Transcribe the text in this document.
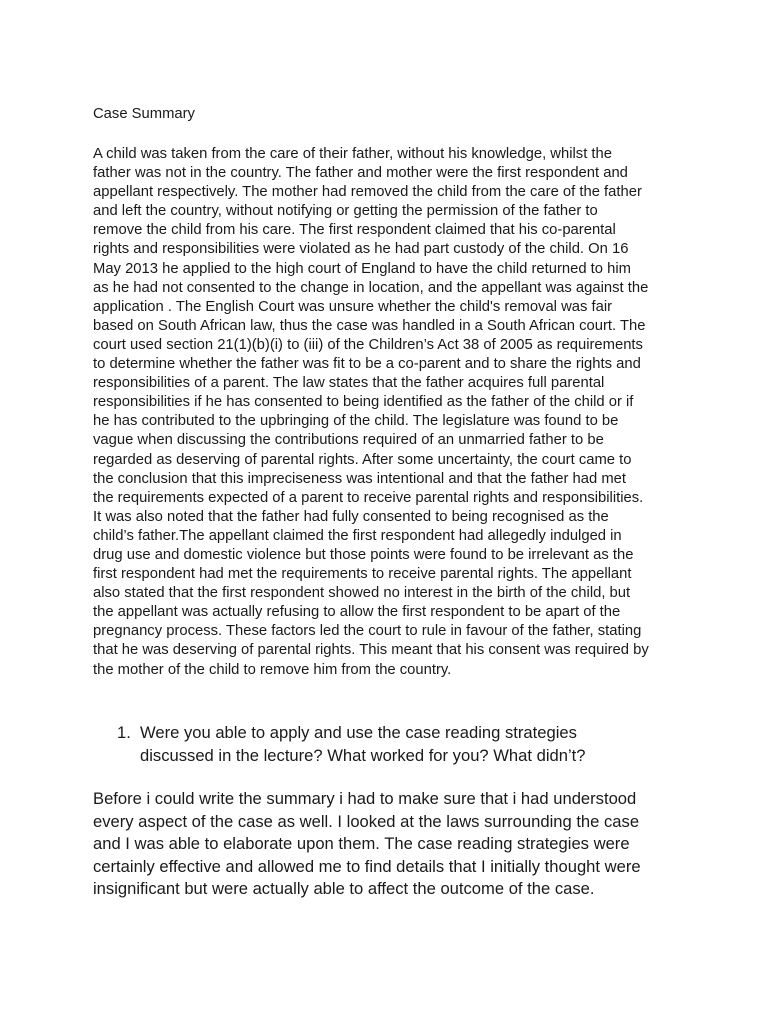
Case Summary
A child was taken from the care of their father, without his knowledge, whilst the
father was not in the country. The father and mother were the first respondent and
appellant respectively. The mother had removed the child from the care of the father
and left the country, without notifying or getting the permission of the father to
remove the child from his care. The first respondent claimed that his co-parental
rights and responsibilities were violated as he had part custody of the child. On 16
May 2013 he applied to the high court of England to have the child returned to him
as he had not consented to the change in location, and the appellant was against the
application . The English Court was unsure whether the child's removal was fair
based on South African law, thus the case was handled in a South African court. The
court used section 21(1)(b)(i) to (iii) of the Children’s Act 38 of 2005 as requirements
to determine whether the father was fit to be a co-parent and to share the rights and
responsibilities of a parent. The law states that the father acquires full parental
responsibilities if he has consented to being identified as the father of the child or if
he has contributed to the upbringing of the child. The legislature was found to be
vague when discussing the contributions required of an unmarried father to be
regarded as deserving of parental rights. After some uncertainty, the court came to
the conclusion that this impreciseness was intentional and that the father had met
the requirements expected of a parent to receive parental rights and responsibilities.
It was also noted that the father had fully consented to being recognised as the
child’s father.The appellant claimed the first respondent had allegedly indulged in
drug use and domestic violence but those points were found to be irrelevant as the
first respondent had met the requirements to receive parental rights. The appellant
also stated that the first respondent showed no interest in the birth of the child, but
the appellant was actually refusing to allow the first respondent to be apart of the
pregnancy process. These factors led the court to rule in favour of the father, stating
that he was deserving of parental rights. This meant that his consent was required by
the mother of the child to remove him from the country.
1. Were you able to apply and use the case reading strategies
discussed in the lecture? What worked for you? What didn’t?
Before i could write the summary i had to make sure that i had understood
every aspect of the case as well. I looked at the laws surrounding the case
and I was able to elaborate upon them. The case reading strategies were
certainly effective and allowed me to find details that I initially thought were
insignificant but were actually able to affect the outcome of the case.
